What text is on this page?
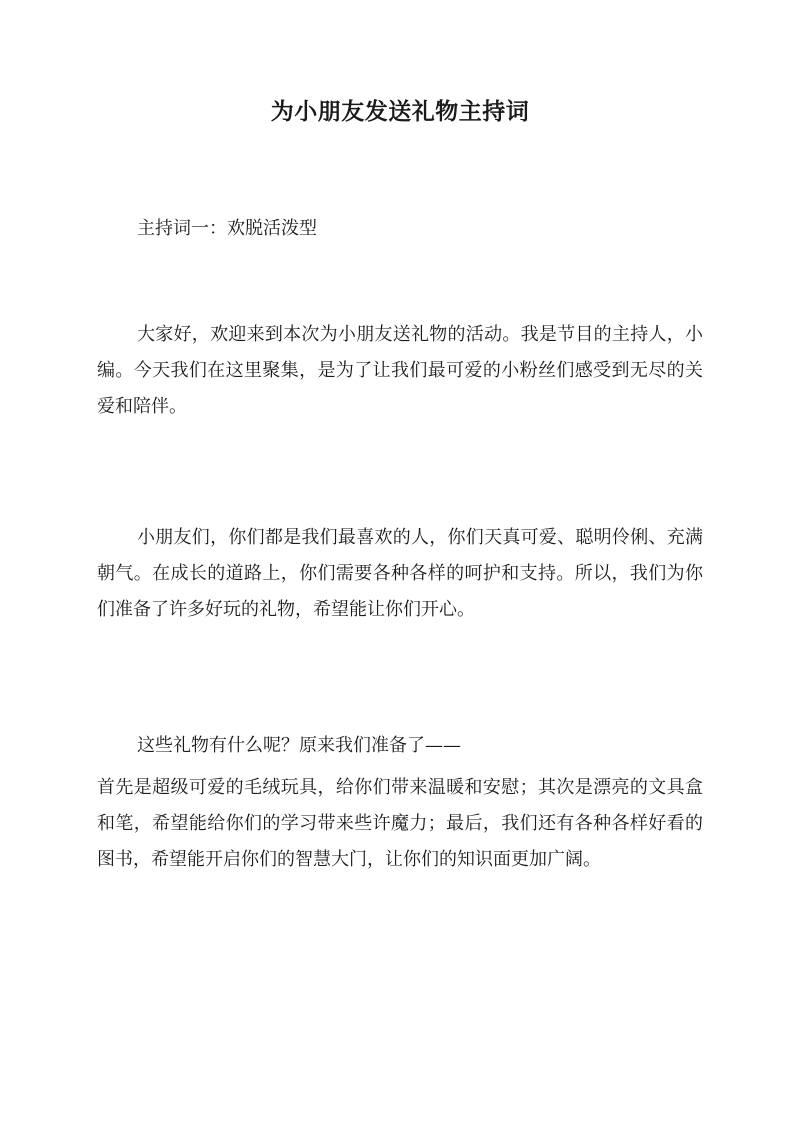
为小朋友发送礼物主持词

主持词一：欢脱活泼型

大家好，欢迎来到本次为小朋友送礼物的活动。我是节目的主持人，小编。今天我们在这里聚集，是为了让我们最可爱的小粉丝们感受到无尽的关爱和陪伴。

小朋友们，你们都是我们最喜欢的人，你们天真可爱、聪明伶俐、充满朝气。在成长的道路上，你们需要各种各样的呵护和支持。所以，我们为你们准备了许多好玩的礼物，希望能让你们开心。

这些礼物有什么呢？原来我们准备了——

首先是超级可爱的毛绒玩具，给你们带来温暖和安慰；其次是漂亮的文具盒和笔，希望能给你们的学习带来些许魔力；最后，我们还有各种各样好看的图书，希望能开启你们的智慧大门，让你们的知识面更加广阔。
